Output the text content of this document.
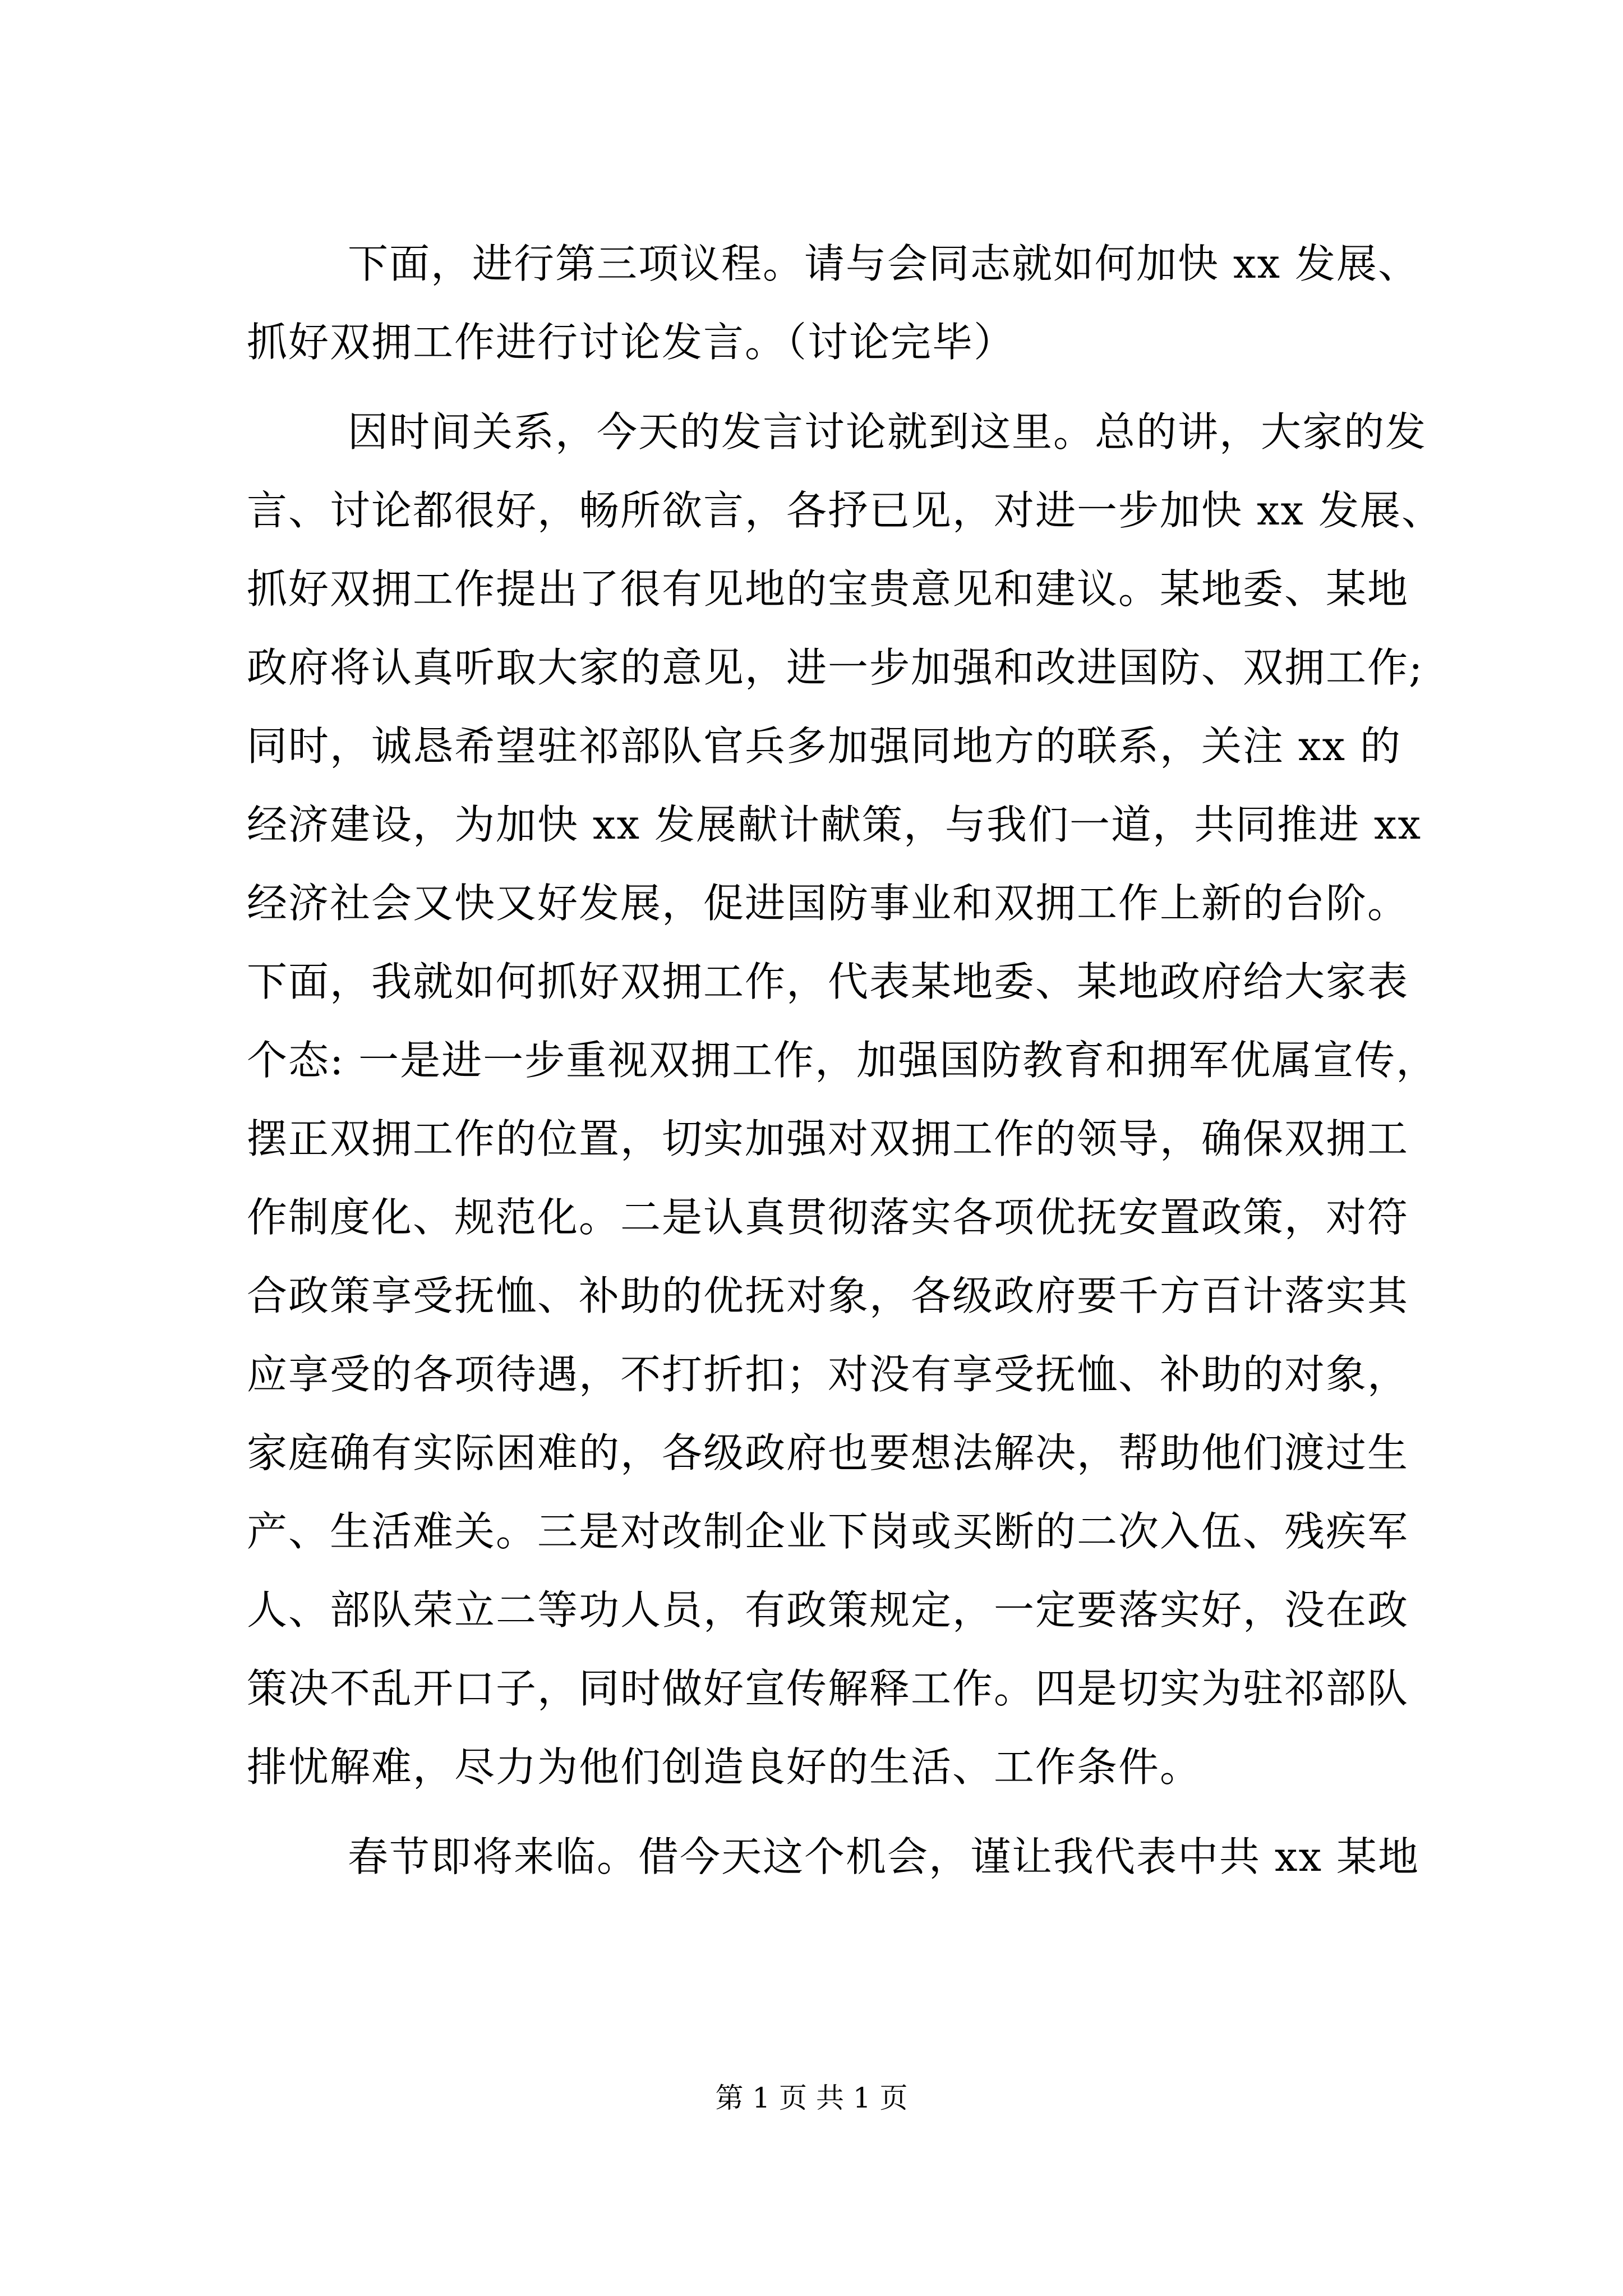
下面，进行第三项议程。请与会同志就如何加快 xx 发展、
抓好双拥工作进行讨论发言。（讨论完毕）
因时间关系，今天的发言讨论就到这里。总的讲，大家的发
言、讨论都很好，畅所欲言，各抒已见，对进一步加快 xx 发展、
抓好双拥工作提出了很有见地的宝贵意见和建议。某地委、某地
政府将认真听取大家的意见，进一步加强和改进国防、双拥工作;
同时，诚恳希望驻祁部队官兵多加强同地方的联系，关注 xx 的
经济建设，为加快 xx 发展献计献策，与我们一道，共同推进 xx
经济社会又快又好发展，促进国防事业和双拥工作上新的台阶。
下面，我就如何抓好双拥工作，代表某地委、某地政府给大家表
个态: 一是进一步重视双拥工作，加强国防教育和拥军优属宣传，
摆正双拥工作的位置，切实加强对双拥工作的领导，确保双拥工
作制度化、规范化。二是认真贯彻落实各项优抚安置政策，对符
合政策享受抚恤、补助的优抚对象，各级政府要千方百计落实其
应享受的各项待遇，不打折扣；对没有享受抚恤、补助的对象，
家庭确有实际困难的，各级政府也要想法解决，帮助他们渡过生
产、生活难关。三是对改制企业下岗或买断的二次入伍、残疾军
人、部队荣立二等功人员，有政策规定，一定要落实好，没在政
策决不乱开口子，同时做好宣传解释工作。四是切实为驻祁部队
排忧解难，尽力为他们创造良好的生活、工作条件。
春节即将来临。借今天这个机会，谨让我代表中共 xx 某地
第 1 页 共 1 页
